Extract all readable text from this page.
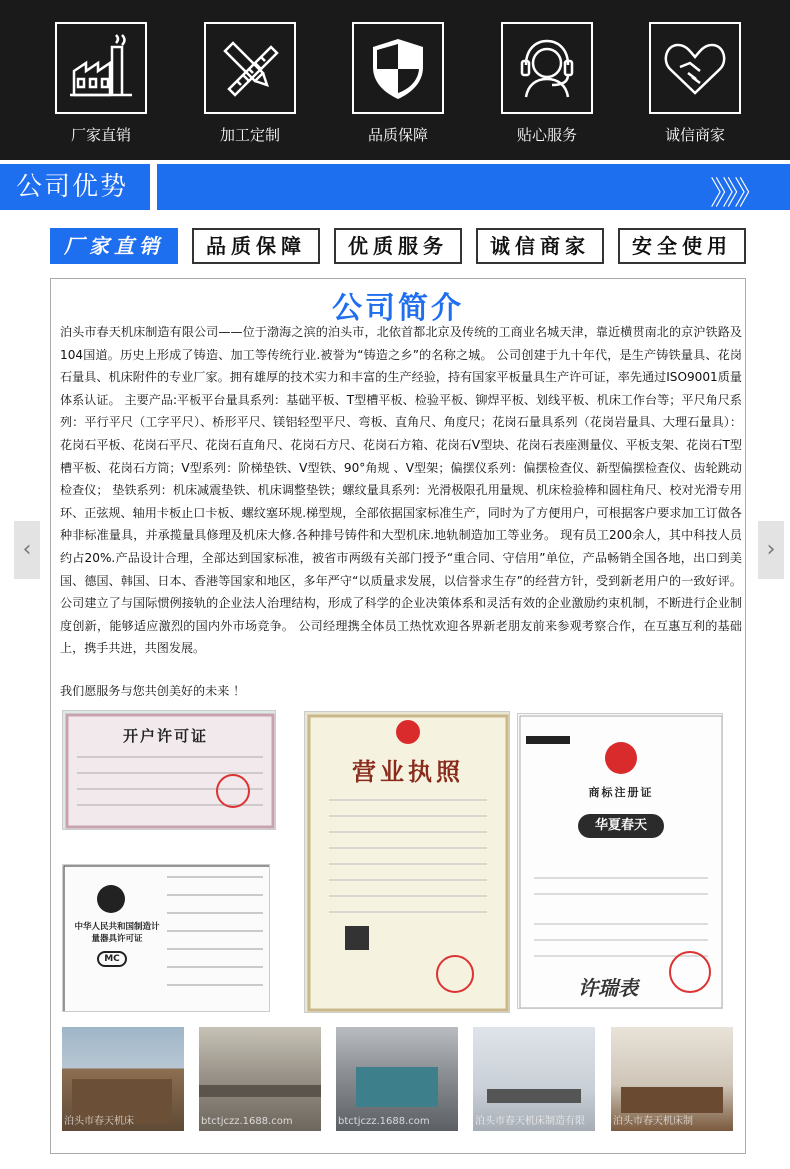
厂家直销	加工定制	品质保障	贴心服务	诚信商家
公司优势	》》》
厂家直销	品质保障	优质服务	诚信商家	安全使用
‹	›
公司简介
泊头市春天机床制造有限公司——位于渤海之滨的泊头市，北依首都北京及传统的工商业名城天津，靠近横贯南北的京沪铁路及104国道。历史上形成了铸造、加工等传统行业.被誉为“铸造之乡”的名称之城。 公司创建于九十年代，是生产铸铁量具、花岗石量具、机床附件的专业厂家。拥有雄厚的技术实力和丰富的生产经验，持有国家平板量具生产许可证，率先通过ISO9001质量体系认证。 主要产品:平板平台量具系列：基础平板、T型槽平板、检验平板、铆焊平板、划线平板、机床工作台等；平尺角尺系列：平行平尺（工字平尺）、桥形平尺、镁铝轻型平尺、弯板、直角尺、角度尺；花岗石量具系列（花岗岩量具、大理石量具）：花岗石平板、花岗石平尺、花岗石直角尺、花岗石方尺、花岗石方箱、花岗石V型块、花岗石表座测量仪、平板支架、花岗石T型槽平板、花岗石方筒；V型系列：阶梯垫铁、V型铁、90°角规 、V型架；偏摆仪系列：偏摆检查仪、新型偏摆检查仪、齿轮跳动检查仪； 垫铁系列：机床减震垫铁、机床调整垫铁；螺纹量具系列：光滑极限孔用量规、机床检验棒和圆柱角尺、校对光滑专用环、正弦规、轴用卡板止口卡板、螺纹塞环规.梯型规，全部依据国家标准生产，同时为了方便用户，可根据客户要求加工订做各种非标准量具，并承揽量具修理及机床大修.各种排号铸件和大型机床.地轨制造加工等业务。 现有员工200余人，其中科技人员约占20%.产品设计合理，全部达到国家标准，被省市两级有关部门授予“重合同、守信用”单位，产品畅销全国各地，出口到美国、德国、韩国、日本、香港等国家和地区，多年严守“以质量求发展，以信誉求生存”的经营方针，受到新老用户的一致好评。 公司建立了与国际惯例接轨的企业法人治理结构，形成了科学的企业决策体系和灵活有效的企业激励约束机制，不断进行企业制度创新，能够适应激烈的国内外市场竞争。 公司经理携全体员工热忱欢迎各界新老朋友前来参观考察合作，在互惠互利的基础上，携手共进，共图发展。
我们愿服务与您共创美好的未来 ！
开户许可证
中华人民共和国制造计量器具许可证
MC
营业执照
商标注册证
华夏春天
许瑞表
泊头市春天机床	btctjczz.1688.com	btctjczz.1688.com	泊头市春天机床制造有限	泊头市春天机床制
